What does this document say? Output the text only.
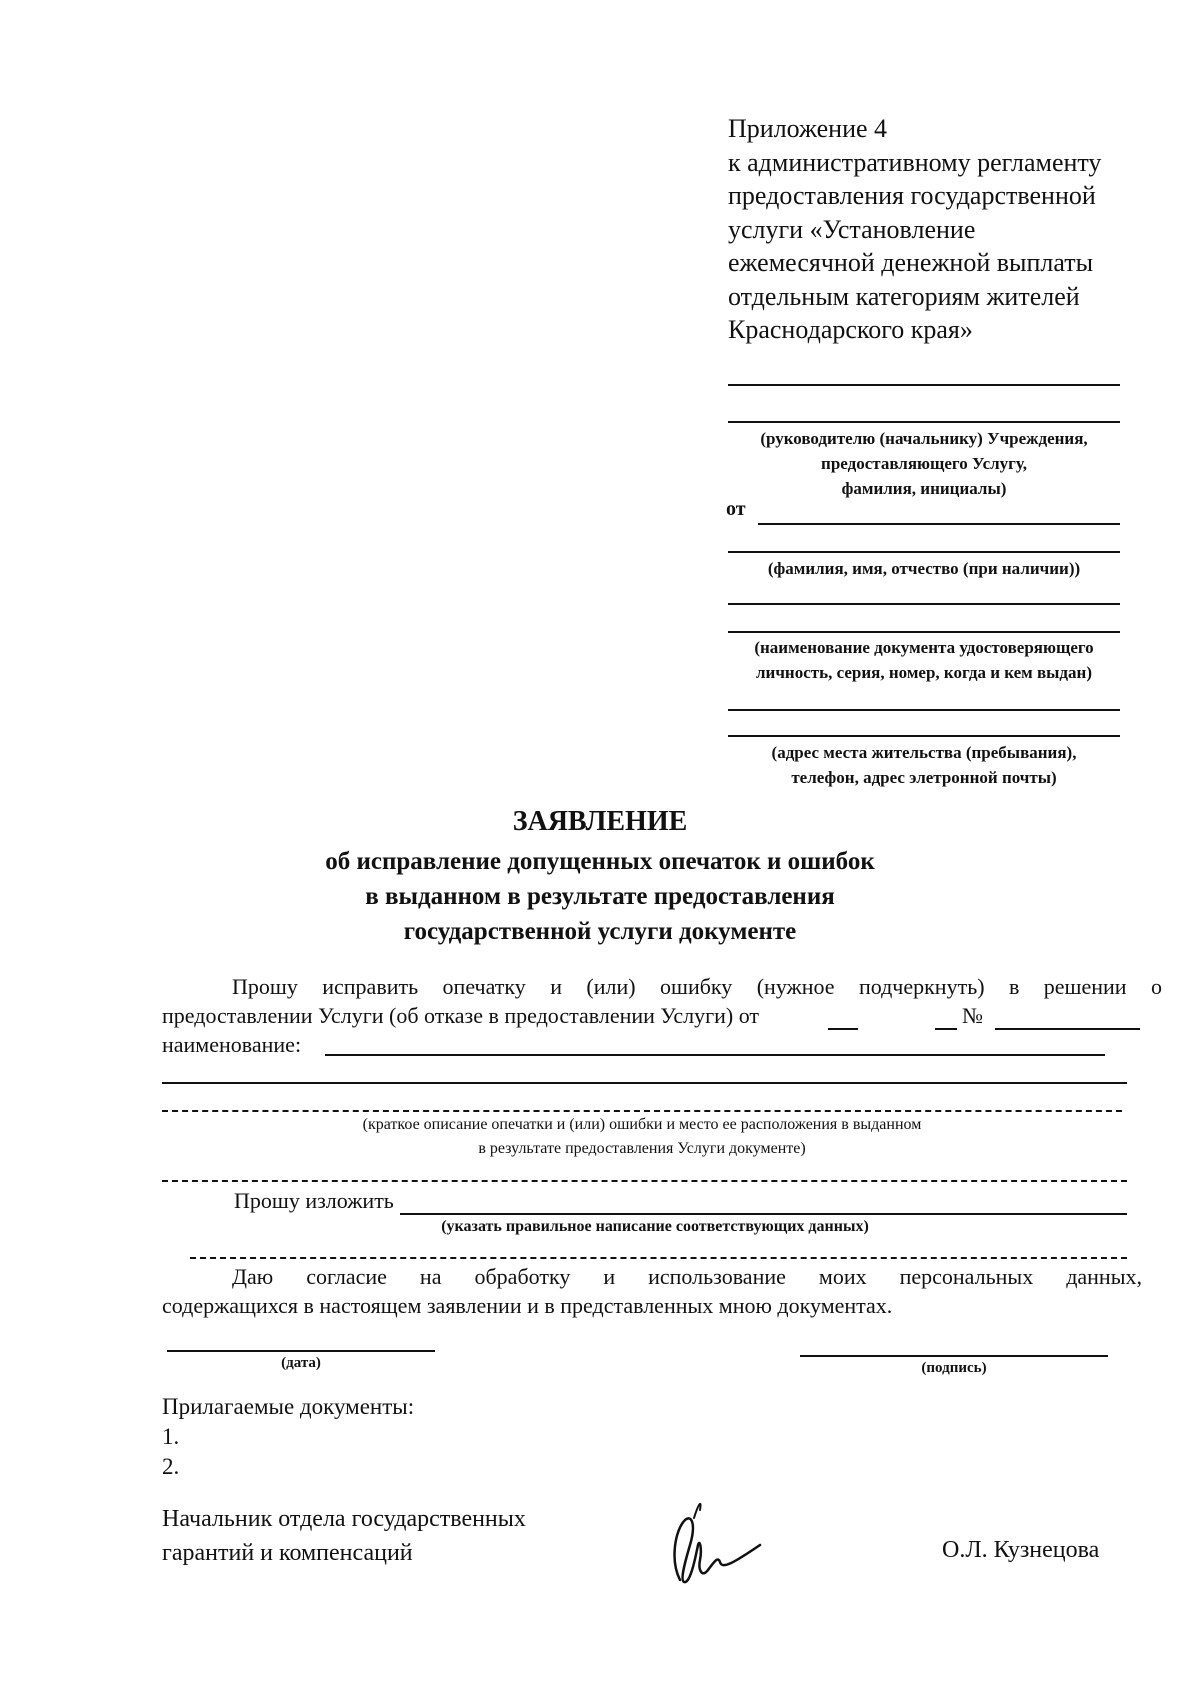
Приложение 4
к административному регламенту
предоставления государственной
услуги «Установление
ежемесячной денежной выплаты
отдельным категориям жителей
Краснодарского края»
(руководителю (начальнику) Учреждения,
предоставляющего Услугу,
фамилия, инициалы)
от
(фамилия, имя, отчество (при наличии))
(наименование документа удостоверяющего
личность, серия, номер, когда и кем выдан)
(адрес места жительства (пребывания),
телефон, адрес элетронной почты)
ЗАЯВЛЕНИЕ
об исправление допущенных опечаток и ошибок
в выданном в результате предоставления
государственной услуги документе
Прошу исправить опечатку и (или) ошибку (нужное подчеркнуть) в решении о
предоставлении Услуги (об отказе в предоставлении Услуги) от	№
наименование:
(краткое описание опечатки и (или) ошибки и место ее расположения в выданном
в результате предоставления Услуги документе)
Прошу изложить
(указать правильное написание соответствующих данных)
Даю согласие на обработку и использование моих персональных данных,
содержащихся в настоящем заявлении и в представленных мною документах.
(дата)	(подпись)
Прилагаемые документы:
1.
2.
Начальник отдела государственных
гарантий и компенсаций	О.Л. Кузнецова
